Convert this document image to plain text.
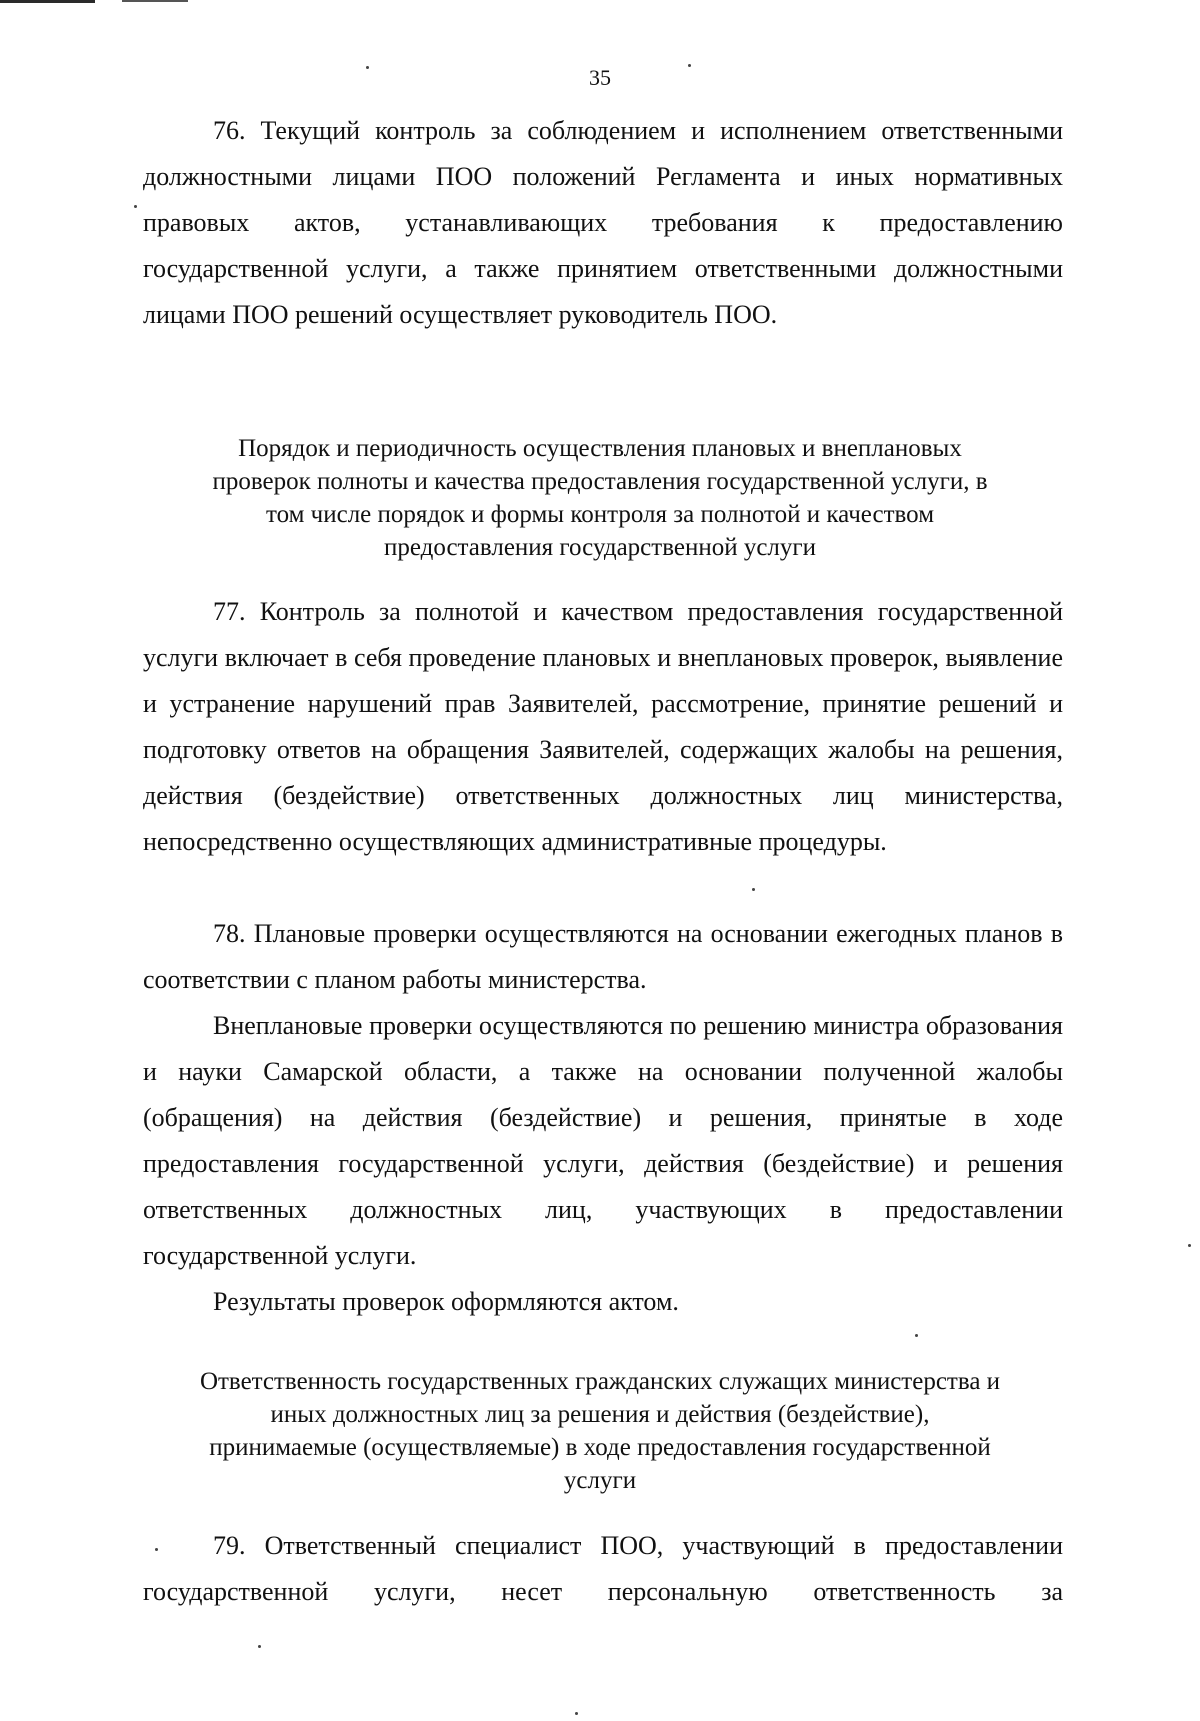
35

76. Текущий контроль за соблюдением и исполнением ответственными должностными лицами ПОО положений Регламента и иных нормативных правовых актов, устанавливающих требования к предоставлению государственной услуги, а также принятием ответственными должностными лицами ПОО решений осуществляет руководитель ПОО.

Порядок и периодичность осуществления плановых и внеплановых
проверок полноты и качества предоставления государственной услуги, в
том числе порядок и формы контроля за полнотой и качеством
предоставления государственной услуги

77. Контроль за полнотой и качеством предоставления государственной услуги включает в себя проведение плановых и внеплановых проверок, выявление и устранение нарушений прав Заявителей, рассмотрение, принятие решений и подготовку ответов на обращения Заявителей, содержащих жалобы на решения, действия (бездействие) ответственных должностных лиц министерства, непосредственно осуществляющих административные процедуры.

78. Плановые проверки осуществляются на основании ежегодных планов в соответствии с планом работы министерства.

Внеплановые проверки осуществляются по решению министра образования и науки Самарской области, а также на основании полученной жалобы (обращения) на действия (бездействие) и решения, принятые в ходе предоставления государственной услуги, действия (бездействие) и решения ответственных должностных лиц, участвующих в предоставлении государственной услуги.

Результаты проверок оформляются актом.

Ответственность государственных гражданских служащих министерства и
иных должностных лиц за решения и действия (бездействие),
принимаемые (осуществляемые) в ходе предоставления государственной
услуги

79. Ответственный специалист ПОО, участвующий в предоставлении государственной услуги, несет персональную ответственность за
